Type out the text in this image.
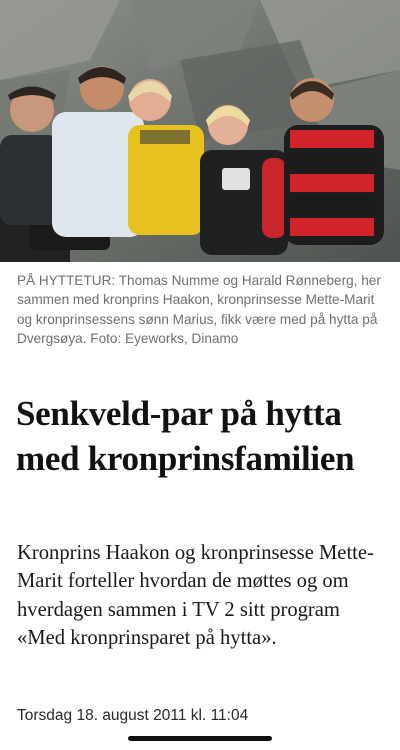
PÅ HYTTETUR: Thomas Numme og Harald Rønneberg, her sammen med kronprins Haakon, kronprinsesse Mette-Marit og kronprinsessens sønn Marius, fikk være med på hytta på Dvergsøya. Foto: Eyeworks, Dinamo

Senkveld-par på hytta med kronprinsfamilien

Kronprins Haakon og kronprinsesse Mette-Marit forteller hvordan de møttes og om hverdagen sammen i TV 2 sitt program «Med kronprinsparet på hytta».

Torsdag 18. august 2011 kl. 11:04
